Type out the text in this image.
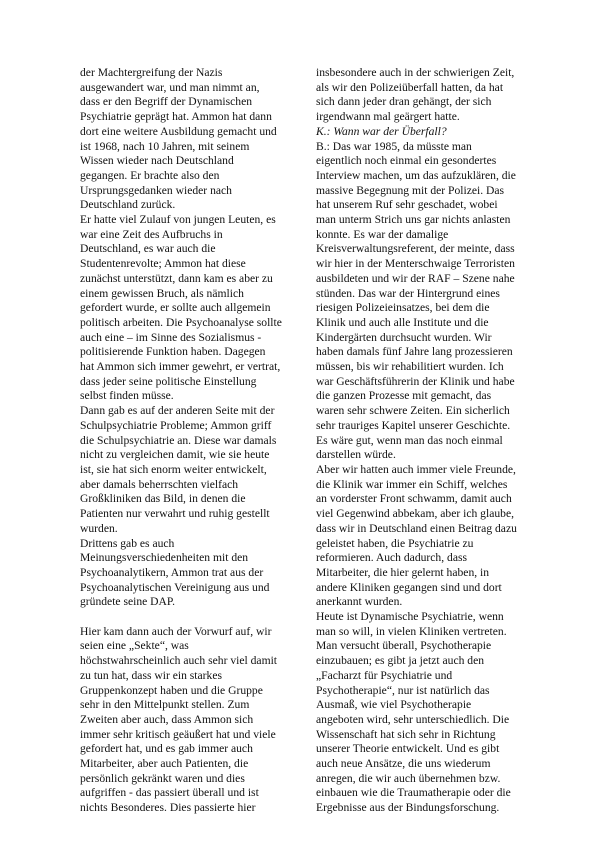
der Machtergreifung der Nazis
ausgewandert war, und man nimmt an,
dass er den Begriff der Dynamischen
Psychiatrie geprägt hat. Ammon hat dann
dort eine weitere Ausbildung gemacht und
ist 1968, nach 10 Jahren, mit seinem
Wissen wieder nach Deutschland
gegangen. Er brachte also den
Ursprungsgedanken wieder nach
Deutschland zurück.
Er hatte viel Zulauf von jungen Leuten, es
war eine Zeit des Aufbruchs in
Deutschland, es war auch die
Studentenrevolte; Ammon hat diese
zunächst unterstützt, dann kam es aber zu
einem gewissen Bruch, als nämlich
gefordert wurde, er sollte auch allgemein
politisch arbeiten. Die Psychoanalyse sollte
auch eine – im Sinne des Sozialismus -
politisierende Funktion haben. Dagegen
hat Ammon sich immer gewehrt, er vertrat,
dass jeder seine politische Einstellung
selbst finden müsse.
Dann gab es auf der anderen Seite mit der
Schulpsychiatrie Probleme; Ammon griff
die Schulpsychiatrie an. Diese war damals
nicht zu vergleichen damit, wie sie heute
ist, sie hat sich enorm weiter entwickelt,
aber damals beherrschten vielfach
Großkliniken das Bild, in denen die
Patienten nur verwahrt und ruhig gestellt
wurden.
Drittens gab es auch
Meinungsverschiedenheiten mit den
Psychoanalytikern, Ammon trat aus der
Psychoanalytischen Vereinigung aus und
gründete seine DAP.
Hier kam dann auch der Vorwurf auf, wir
seien eine „Sekte“, was
höchstwahrscheinlich auch sehr viel damit
zu tun hat, dass wir ein starkes
Gruppenkonzept haben und die Gruppe
sehr in den Mittelpunkt stellen. Zum
Zweiten aber auch, dass Ammon sich
immer sehr kritisch geäußert hat und viele
gefordert hat, und es gab immer auch
Mitarbeiter, aber auch Patienten, die
persönlich gekränkt waren und dies
aufgriffen - das passiert überall und ist
nichts Besonderes. Dies passierte hier
insbesondere auch in der schwierigen Zeit,
als wir den Polizeiüberfall hatten, da hat
sich dann jeder dran gehängt, der sich
irgendwann mal geärgert hatte.
K.: Wann war der Überfall?
B.: Das war 1985, da müsste man
eigentlich noch einmal ein gesondertes
Interview machen, um das aufzuklären, die
massive Begegnung mit der Polizei. Das
hat unserem Ruf sehr geschadet, wobei
man unterm Strich uns gar nichts anlasten
konnte. Es war der damalige
Kreisverwaltungsreferent, der meinte, dass
wir hier in der Menterschwaige Terroristen
ausbildeten und wir der RAF – Szene nahe
stünden. Das war der Hintergrund eines
riesigen Polizeieinsatzes, bei dem die
Klinik und auch alle Institute und die
Kindergärten durchsucht wurden. Wir
haben damals fünf Jahre lang prozessieren
müssen, bis wir rehabilitiert wurden. Ich
war Geschäftsführerin der Klinik und habe
die ganzen Prozesse mit gemacht, das
waren sehr schwere Zeiten. Ein sicherlich
sehr trauriges Kapitel unserer Geschichte.
Es wäre gut, wenn man das noch einmal
darstellen würde.
Aber wir hatten auch immer viele Freunde,
die Klinik war immer ein Schiff, welches
an vorderster Front schwamm, damit auch
viel Gegenwind abbekam, aber ich glaube,
dass wir in Deutschland einen Beitrag dazu
geleistet haben, die Psychiatrie zu
reformieren. Auch dadurch, dass
Mitarbeiter, die hier gelernt haben, in
andere Kliniken gegangen sind und dort
anerkannt wurden.
Heute ist Dynamische Psychiatrie, wenn
man so will, in vielen Kliniken vertreten.
Man versucht überall, Psychotherapie
einzubauen; es gibt ja jetzt auch den
„Facharzt für Psychiatrie und
Psychotherapie“, nur ist natürlich das
Ausmaß, wie viel Psychotherapie
angeboten wird, sehr unterschiedlich. Die
Wissenschaft hat sich sehr in Richtung
unserer Theorie entwickelt. Und es gibt
auch neue Ansätze, die uns wiederum
anregen, die wir auch übernehmen bzw.
einbauen wie die Traumatherapie oder die
Ergebnisse aus der Bindungsforschung.
